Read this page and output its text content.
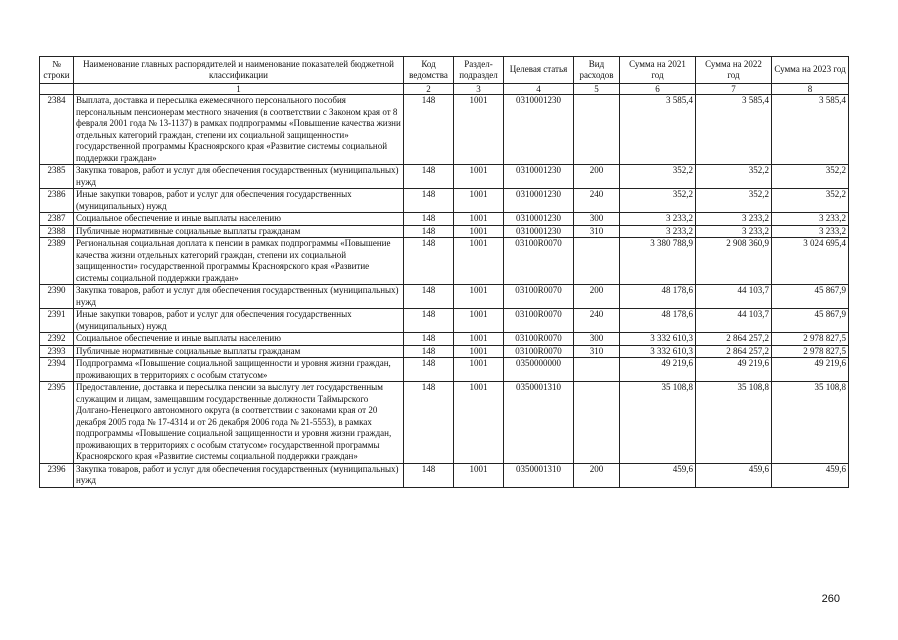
№ строки	Наименование главных распорядителей и наименование показателей бюджетной классификации	Код ведомства	Раздел-подраздел	Целевая статья	Вид расходов	Сумма на 2021 год	Сумма на 2022 год	Сумма на 2023 год
	1	2	3	4	5	6	7	8
2384	Выплата, доставка и пересылка ежемесячного персонального пособия персональным пенсионерам местного значения (в соответствии с Законом края от 8 февраля 2001 года № 13-1137) в рамках подпрограммы «Повышение качества жизни отдельных категорий граждан, степени их социальной защищенности» государственной программы Красноярского края «Развитие системы социальной поддержки граждан»	148	1001	0310001230		3 585,4	3 585,4	3 585,4
2385	Закупка товаров, работ и услуг для обеспечения государственных (муниципальных) нужд	148	1001	0310001230	200	352,2	352,2	352,2
2386	Иные закупки товаров, работ и услуг для обеспечения государственных (муниципальных) нужд	148	1001	0310001230	240	352,2	352,2	352,2
2387	Социальное обеспечение и иные выплаты населению	148	1001	0310001230	300	3 233,2	3 233,2	3 233,2
2388	Публичные нормативные социальные выплаты гражданам	148	1001	0310001230	310	3 233,2	3 233,2	3 233,2
2389	Региональная социальная доплата к пенсии в рамках подпрограммы «Повышение качества жизни отдельных категорий граждан, степени их социальной защищенности» государственной программы Красноярского края «Развитие системы социальной поддержки граждан»	148	1001	03100R0070		3 380 788,9	2 908 360,9	3 024 695,4
2390	Закупка товаров, работ и услуг для обеспечения государственных (муниципальных) нужд	148	1001	03100R0070	200	48 178,6	44 103,7	45 867,9
2391	Иные закупки товаров, работ и услуг для обеспечения государственных (муниципальных) нужд	148	1001	03100R0070	240	48 178,6	44 103,7	45 867,9
2392	Социальное обеспечение и иные выплаты населению	148	1001	03100R0070	300	3 332 610,3	2 864 257,2	2 978 827,5
2393	Публичные нормативные социальные выплаты гражданам	148	1001	03100R0070	310	3 332 610,3	2 864 257,2	2 978 827,5
2394	Подпрограмма «Повышение социальной защищенности и уровня жизни граждан, проживающих в территориях с особым статусом»	148	1001	0350000000		49 219,6	49 219,6	49 219,6
2395	Предоставление, доставка и пересылка пенсии за выслугу лет государственным служащим и лицам, замещавшим государственные должности Таймырского Долгано-Ненецкого автономного округа (в соответствии с законами края от 20 декабря 2005 года № 17-4314 и от 26 декабря 2006 года № 21-5553), в рамках подпрограммы «Повышение социальной защищенности и уровня жизни граждан, проживающих в территориях с особым статусом» государственной программы Красноярского края «Развитие системы социальной поддержки граждан»	148	1001	0350001310		35 108,8	35 108,8	35 108,8
2396	Закупка товаров, работ и услуг для обеспечения государственных (муниципальных) нужд	148	1001	0350001310	200	459,6	459,6	459,6
260
